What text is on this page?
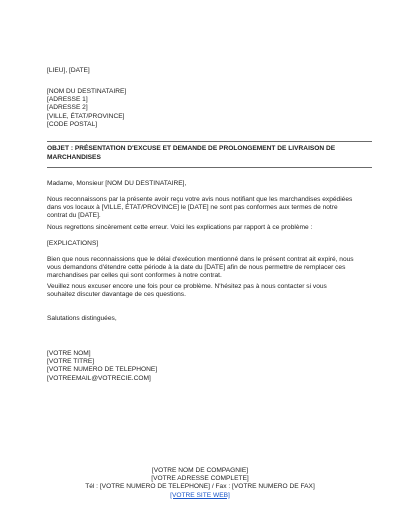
[LIEU], [DATE]
[NOM DU DESTINATAIRE]
[ADRESSE 1]
[ADRESSE 2]
[VILLE, ÉTAT/PROVINCE]
[CODE POSTAL]
OBJET : PRÉSENTATION D'EXCUSE ET DEMANDE DE PROLONGEMENT DE LIVRAISON DE
MARCHANDISES
Madame, Monsieur [NOM DU DESTINATAIRE],
Nous reconnaissons par la présente avoir reçu votre avis nous notifiant que les marchandises expédiées
dans vos locaux à [VILLE, ÉTAT/PROVINCE] le [DATE] ne sont pas conformes aux termes de notre
contrat du [DATE].
Nous regrettons sincèrement cette erreur. Voici les explications par rapport à ce problème :
[EXPLICATIONS]
Bien que nous reconnaissions que le délai d'exécution mentionné dans le présent contrat ait expiré, nous
vous demandons d'étendre cette période à la date du [DATE] afin de nous permettre de remplacer ces
marchandises par celles qui sont conformes à notre contrat.
Veuillez nous excuser encore une fois pour ce problème. N'hésitez pas à nous contacter si vous
souhaitez discuter davantage de ces questions.
Salutations distinguées,
[VOTRE NOM]
[VOTRE TITRE]
[VOTRE NUMERO DE TELEPHONE]
[VOTREEMAIL@VOTRECIE.COM]
[VOTRE NOM DE COMPAGNIE]
[VOTRE ADRESSE COMPLETE]
Tél : [VOTRE NUMERO DE TELEPHONE] / Fax : [VOTRE NUMERO DE FAX]
[VOTRE SITE WEB]
